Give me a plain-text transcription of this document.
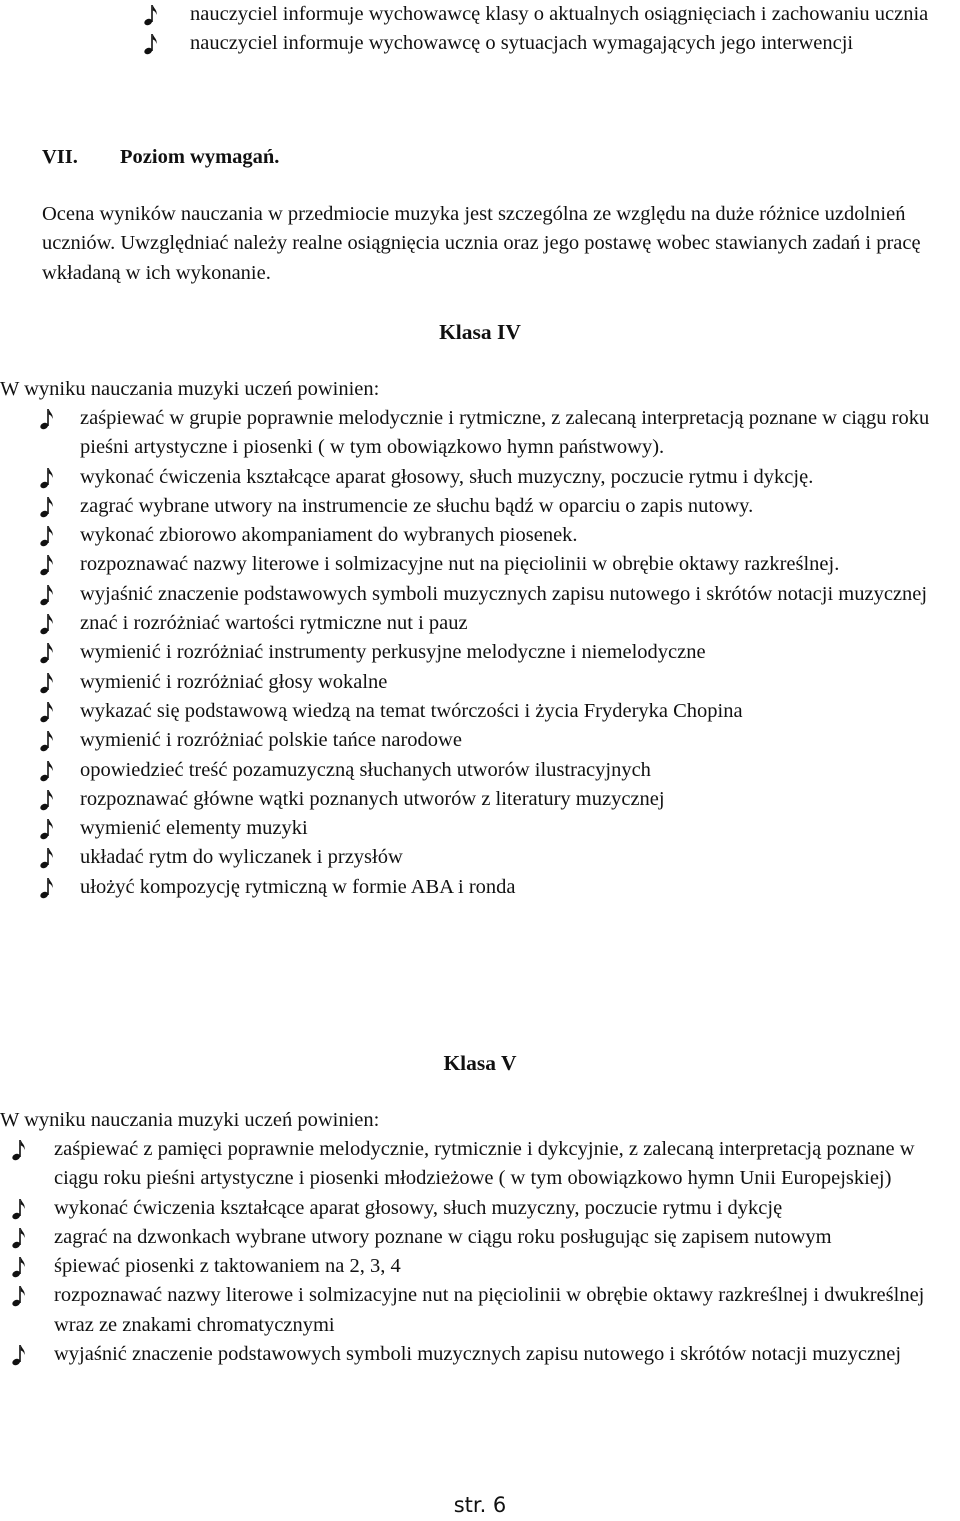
nauczyciel informuje wychowawcę klasy o aktualnych osiągnięciach i zachowaniu ucznia
nauczyciel informuje wychowawcę o sytuacjach wymagających jego interwencji
VII. Poziom wymagań.
Ocena wyników nauczania w przedmiocie muzyka jest szczególna ze względu na duże różnice uzdolnień uczniów. Uwzględniać należy realne osiągnięcia ucznia oraz jego postawę wobec stawianych zadań i pracę wkładaną w ich wykonanie.
Klasa IV
W wyniku nauczania muzyki uczeń powinien:
zaśpiewać w grupie poprawnie melodycznie i rytmiczne, z zalecaną interpretacją poznane w ciągu roku pieśni artystyczne i piosenki ( w tym obowiązkowo hymn państwowy).
wykonać ćwiczenia kształcące aparat głosowy, słuch muzyczny, poczucie rytmu i dykcję.
zagrać wybrane utwory na instrumencie ze słuchu bądź w oparciu o zapis nutowy.
wykonać zbiorowo akompaniament do wybranych piosenek.
rozpoznawać nazwy literowe i solmizacyjne nut na pięciolinii w obrębie oktawy razkreślnej.
wyjaśnić znaczenie podstawowych symboli muzycznych zapisu nutowego i skrótów notacji muzycznej
znać i rozróżniać wartości rytmiczne nut i pauz
wymienić i rozróżniać instrumenty perkusyjne melodyczne i niemelodyczne
wymienić i rozróżniać głosy wokalne
wykazać się podstawową wiedzą na temat twórczości i życia Fryderyka Chopina
wymienić i rozróżniać polskie tańce narodowe
opowiedzieć treść pozamuzyczną słuchanych utworów ilustracyjnych
rozpoznawać główne wątki poznanych utworów z literatury muzycznej
wymienić elementy muzyki
układać rytm do wyliczanek i przysłów
ułożyć kompozycję rytmiczną w formie ABA i ronda
Klasa V
W wyniku nauczania muzyki uczeń powinien:
zaśpiewać z pamięci poprawnie melodycznie, rytmicznie i dykcyjnie, z zalecaną interpretacją poznane w ciągu roku pieśni artystyczne i piosenki młodzieżowe ( w tym obowiązkowo hymn Unii Europejskiej)
wykonać ćwiczenia kształcące aparat głosowy, słuch muzyczny, poczucie rytmu i dykcję
zagrać na dzwonkach wybrane utwory poznane w ciągu roku posługując się zapisem nutowym
śpiewać piosenki z taktowaniem na 2, 3, 4
rozpoznawać nazwy literowe i solmizacyjne nut na pięciolinii w obrębie oktawy razkreślnej i dwukreślnej wraz ze znakami chromatycznymi
wyjaśnić znaczenie podstawowych symboli muzycznych zapisu nutowego i skrótów notacji muzycznej
str. 6
